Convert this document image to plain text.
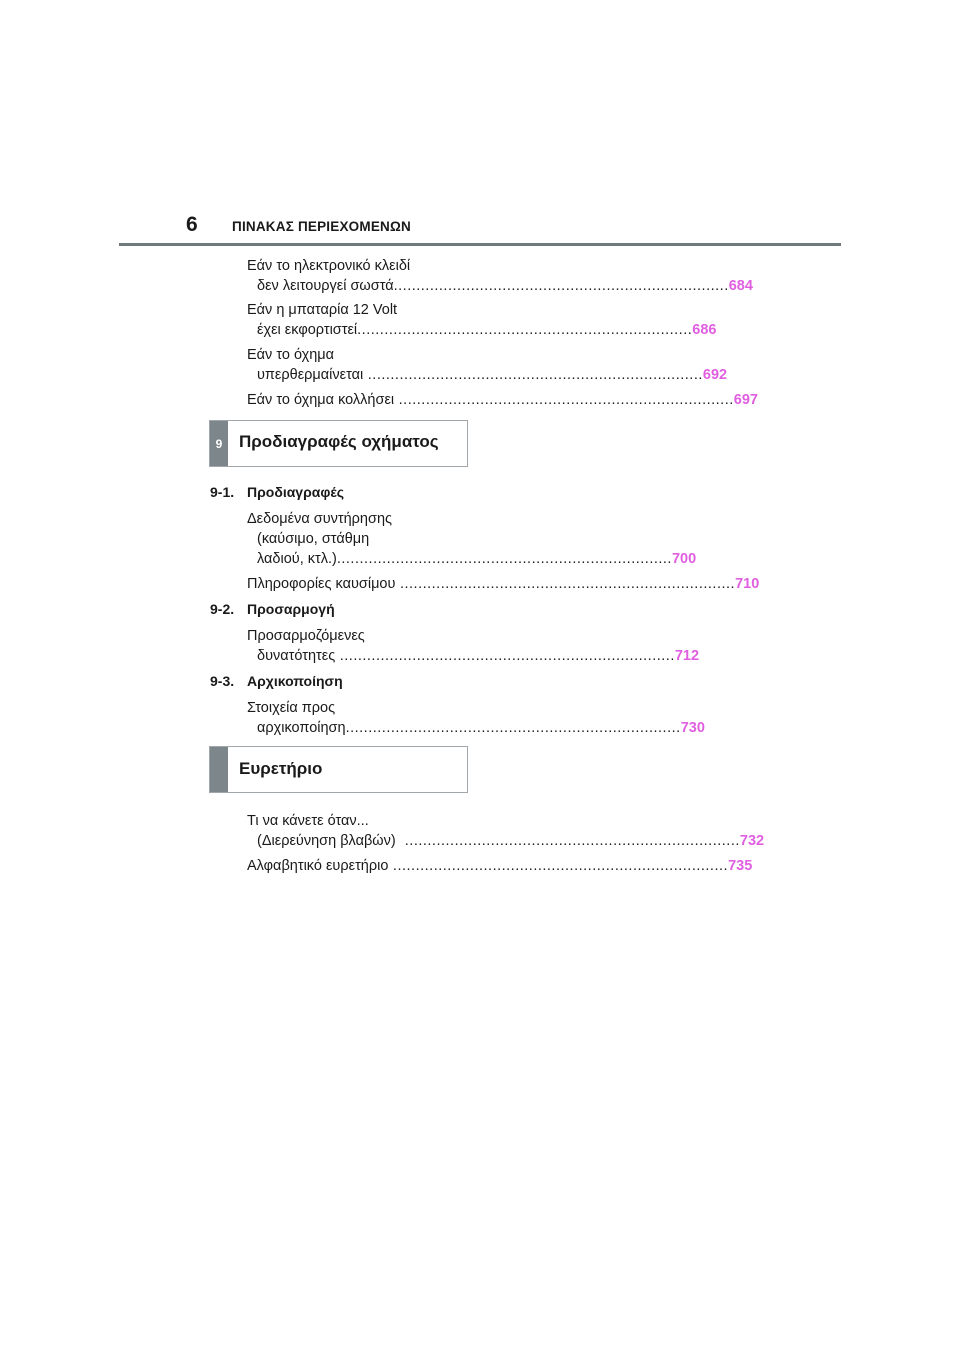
6	ΠΙΝΑΚΑΣ ΠΕΡΙΕΧΟΜΕΝΩΝ
Εάν το ηλεκτρονικό κλειδί
δεν λειτουργεί σωστά .......................................................................... 684
Εάν η μπαταρία 12 Volt
έχει εκφορτιστεί .......................................................................... 686
Εάν το όχημα
υπερθερμαίνεται .......................................................................... 692
Εάν το όχημα κολλήσει .......................................................................... 697
9 Προδιαγραφές οχήματος
9-1. Προδιαγραφές
Δεδομένα συντήρησης
(καύσιμο, στάθμη
λαδιού, κτλ.) .......................................................................... 700
Πληροφορίες καυσίμου .......................................................................... 710
9-2. Προσαρμογή
Προσαρμοζόμενες
δυνατότητες .......................................................................... 712
9-3. Αρχικοποίηση
Στοιχεία προς
αρχικοποίηση .......................................................................... 730
Ευρετήριο
Τι να κάνετε όταν...
(Διερεύνηση βλαβών) .......................................................................... 732
Αλφαβητικό ευρετήριο .......................................................................... 735
